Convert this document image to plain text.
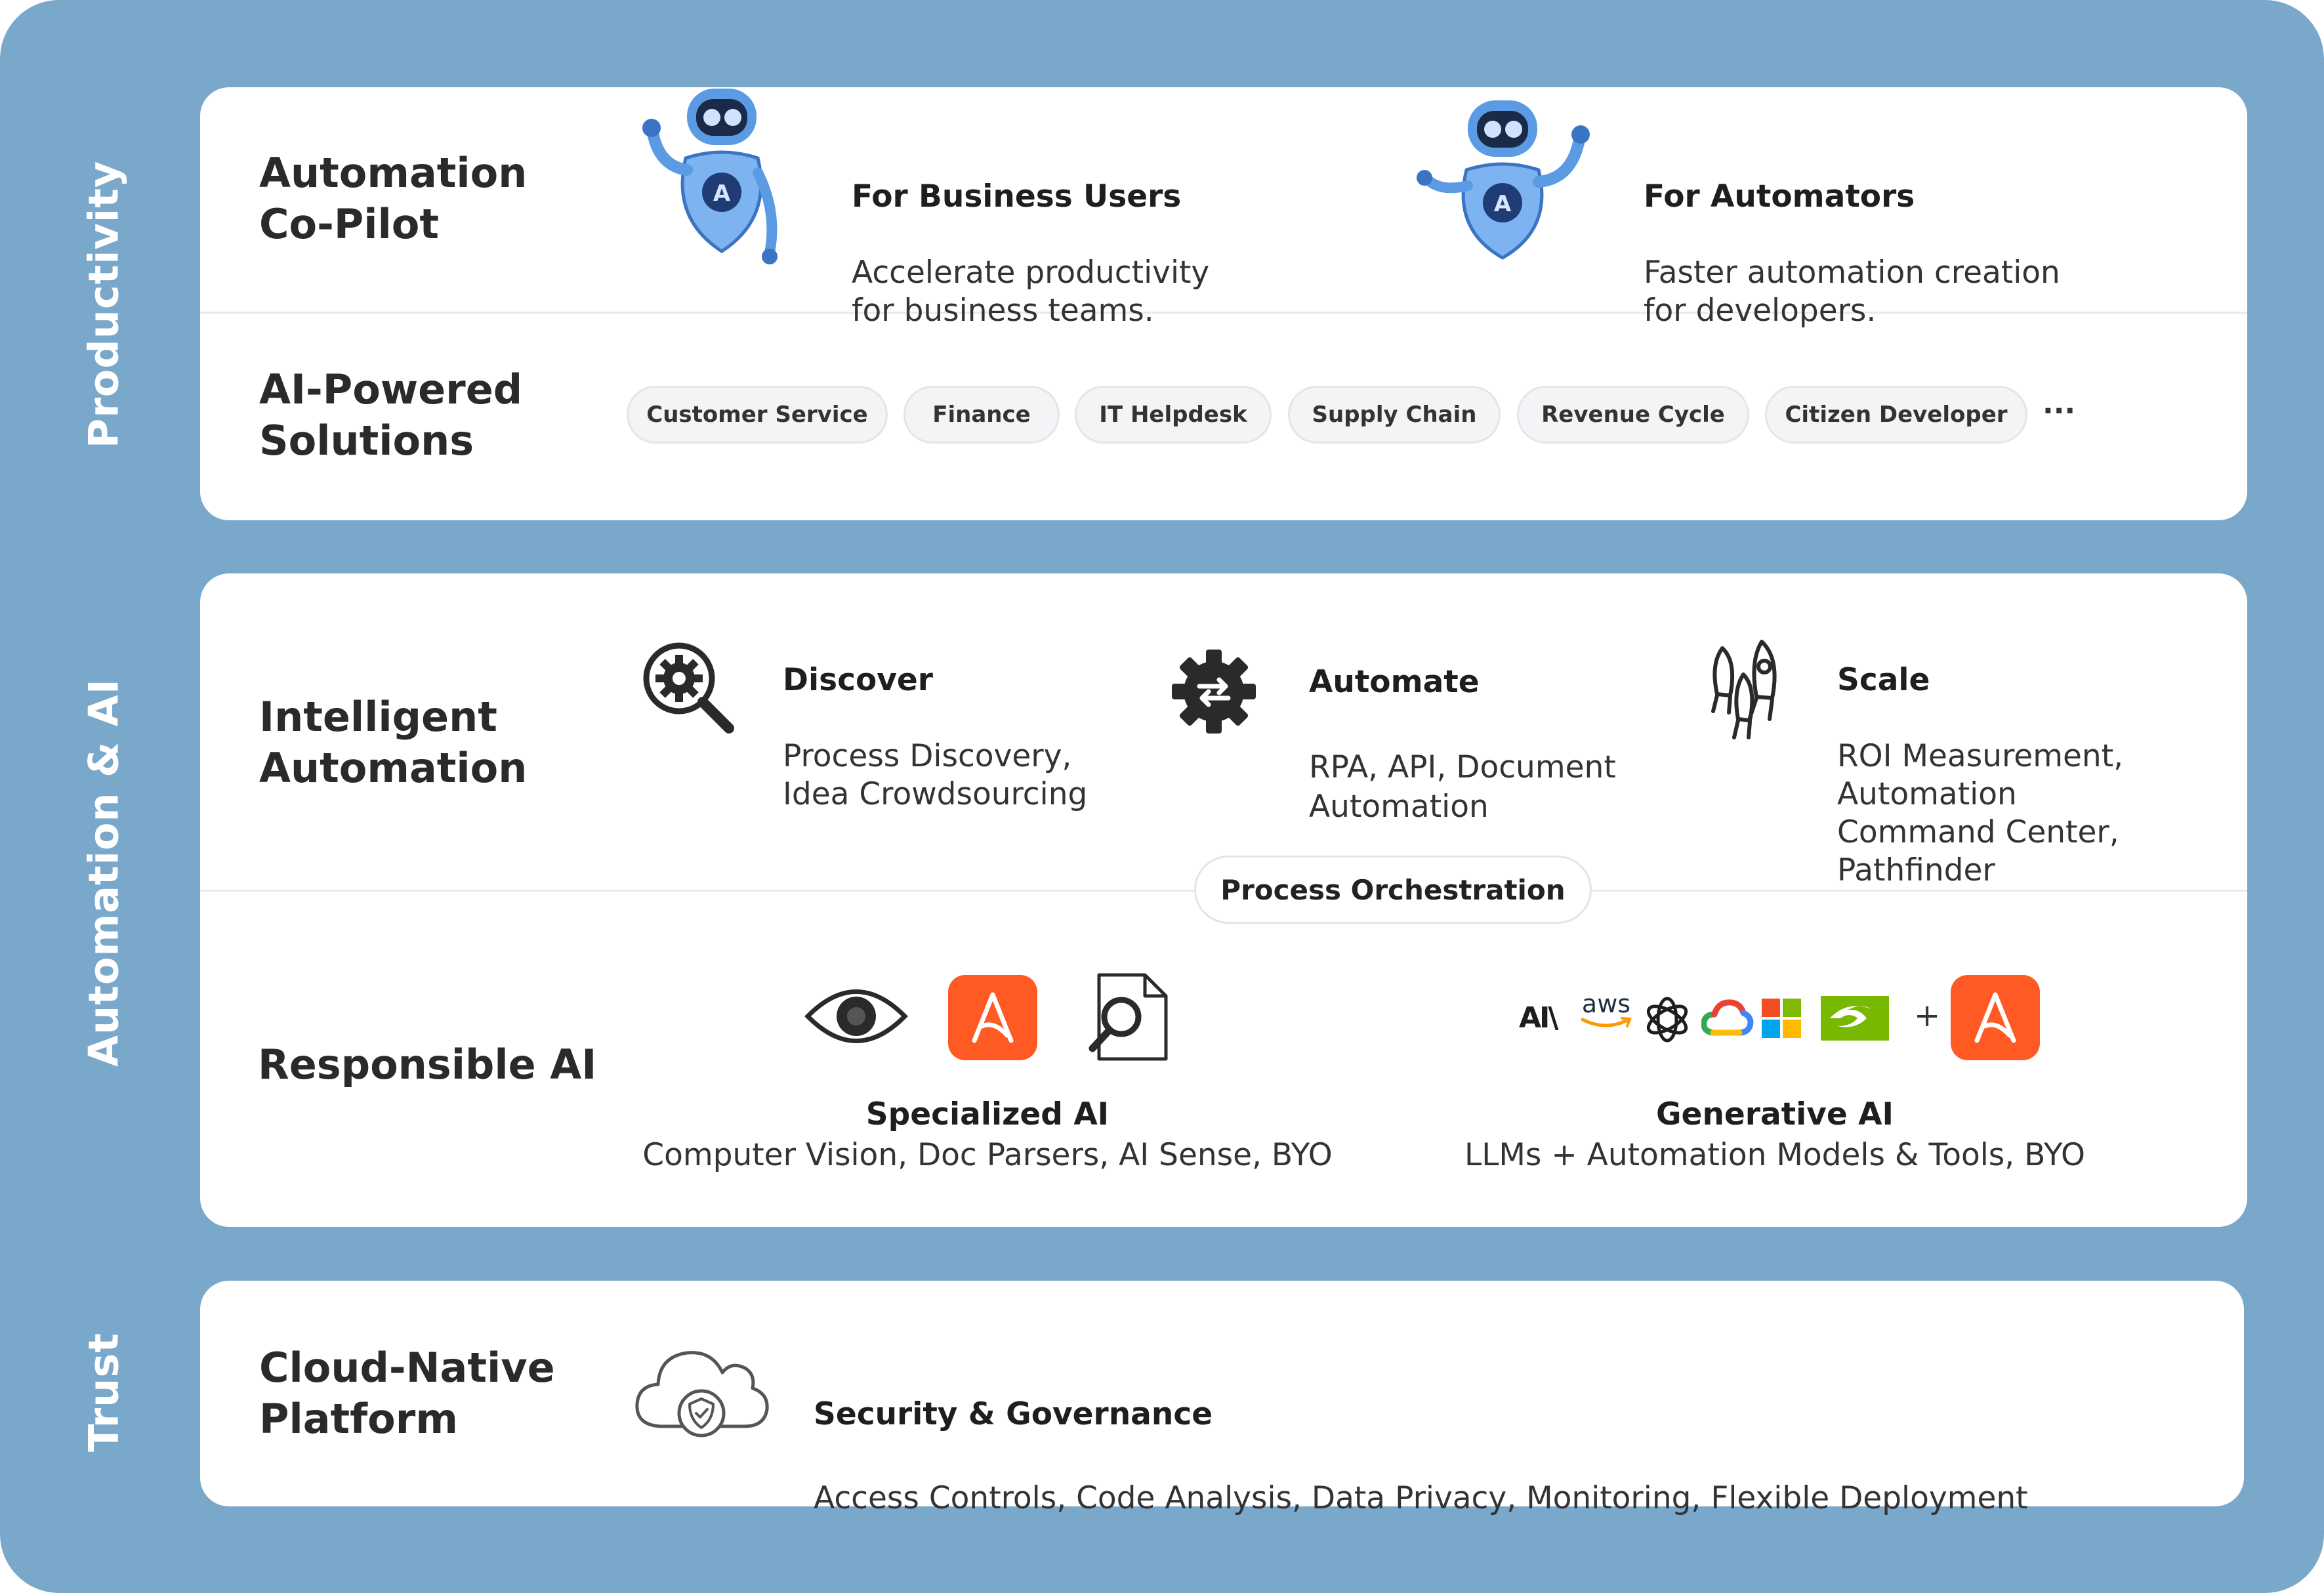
Productivity
Automation & AI
Trust
Automation
Co-Pilot
A	For Business Users

Accelerate productivity
for business teams.

A	For Automators

Faster automation creation
for developers.

AI-Powered
Solutions
Customer Service	Finance	IT Helpdesk	Supply Chain	Revenue Cycle	Citizen Developer	···
Intelligent
Automation

Discover

Process Discovery,
Idea Crowdsourcing

Automate

RPA, API, Document
Automation

Scale

ROI Measurement,
Automation
Command Center,
Pathfinder

Process Orchestration
Responsible AI
Specialized AI
Computer Vision, Doc Parsers, AI Sense, BYO
AI\ aws	+
Generative AI
LLMs + Automation Models & Tools, BYO
Cloud-Native
Platform	Security & Governance

Access Controls, Code Analysis, Data Privacy, Monitoring, Flexible Deployment
